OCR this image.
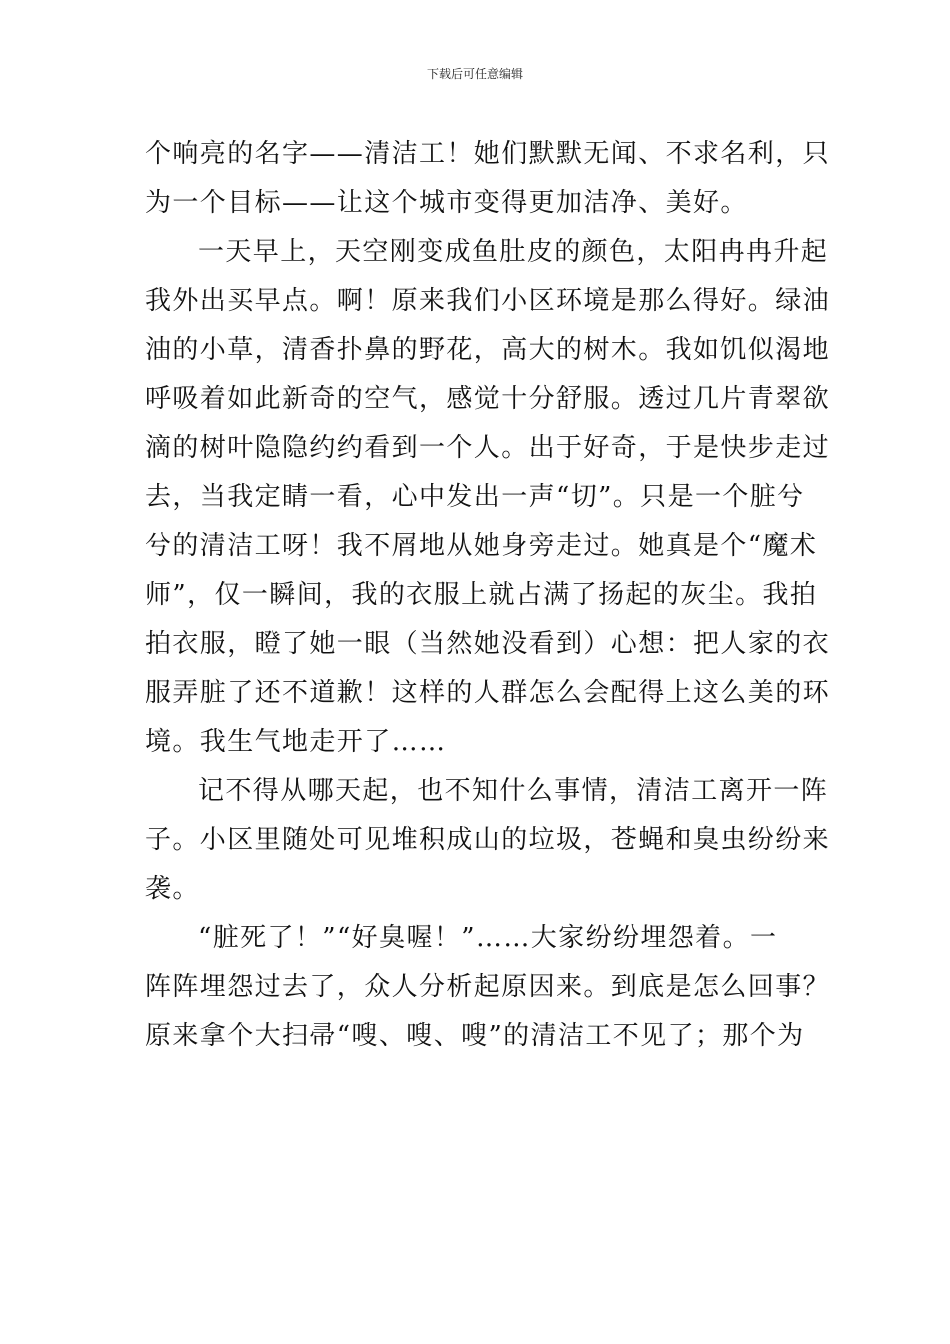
下载后可任意编辑
个响亮的名字——清洁工！她们默默无闻、不求名利，只
为一个目标——让这个城市变得更加洁净、美好。
一天早上，天空刚变成鱼肚皮的颜色，太阳冉冉升起
我外出买早点。啊！原来我们小区环境是那么得好。绿油
油的小草，清香扑鼻的野花，高大的树木。我如饥似渴地
呼吸着如此新奇的空气，感觉十分舒服。透过几片青翠欲
滴的树叶隐隐约约看到一个人。出于好奇，于是快步走过
去，当我定睛一看，心中发出一声“切”。只是一个脏兮
兮的清洁工呀！我不屑地从她身旁走过。她真是个“魔术
师”，仅一瞬间，我的衣服上就占满了扬起的灰尘。我拍
拍衣服，瞪了她一眼（当然她没看到）心想：把人家的衣
服弄脏了还不道歉！这样的人群怎么会配得上这么美的环
境。我生气地走开了……
记不得从哪天起，也不知什么事情，清洁工离开一阵
子。小区里随处可见堆积成山的垃圾，苍蝇和臭虫纷纷来
袭。
“脏死了！”“好臭喔！”……大家纷纷埋怨着。一
阵阵埋怨过去了，众人分析起原因来。到底是怎么回事？
原来拿个大扫帚“嗖、嗖、嗖”的清洁工不见了；那个为
